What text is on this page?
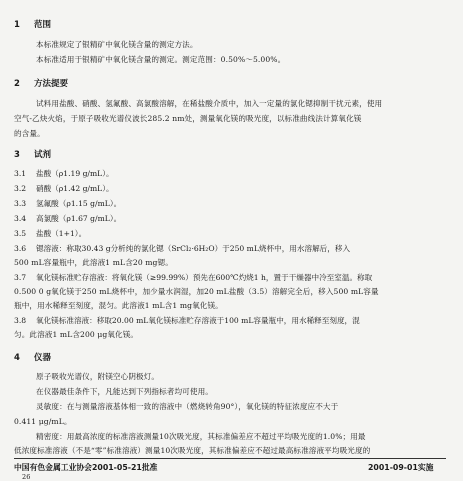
1 范围
本标准规定了银精矿中氧化镁含量的测定方法。
本标准适用于银精矿中氧化镁含量的测定。测定范围：0.50%～5.00%。
2 方法提要
试料用盐酸、硝酸、氢氟酸、高氯酸溶解，在稀盐酸介质中，加入一定量的氯化锶抑制干扰元素，使用
空气-乙炔火焰，于原子吸收光谱仪波长285.2 nm处，测量氧化镁的吸光度，以标准曲线法计算氧化镁
的含量。
3 试剂
3.1 盐酸（ρ1.19 g/mL）。
3.2 硝酸（ρ1.42 g/mL）。
3.3 氢氟酸（ρ1.15 g/mL）。
3.4 高氯酸（ρ1.67 g/mL）。
3.5 盐酸（1+1）。
3.6 锶溶液：称取30.43 g分析纯的氯化锶（SrCl₂·6H₂O）于250 mL烧杯中，用水溶解后，移入
500 mL容量瓶中，此溶液1 mL含20 mg锶。
3.7 氧化镁标准贮存溶液：将氧化镁（≥99.99%）预先在600℃灼烧1 h，置于干燥器中冷至室温。称取
0.500 0 g氧化镁于250 mL烧杯中，加少量水润湿，加20 mL盐酸（3.5）溶解完全后，移入500 mL容量
瓶中，用水稀释至刻度，混匀。此溶液1 mL含1 mg氧化镁。
3.8 氧化镁标准溶液：移取20.00 mL氧化镁标准贮存溶液于100 mL容量瓶中，用水稀释至刻度，混
匀。此溶液1 mL含200 μg氧化镁。
4 仪器
原子吸收光谱仪，附镁空心阴极灯。
在仪器最佳条件下，凡能达到下列指标者均可使用。
灵敏度：在与测量溶液基体相一致的溶液中（燃烧转角90°），氧化镁的特征浓度应不大于
0.411 μg/mL。
精密度：用最高浓度的标准溶液测量10次吸光度，其标准偏差应不超过平均吸光度的1.0%；用最
低浓度标准溶液（不是“零”标准溶液）测量10次吸光度，其标准偏差应不超过最高标准溶液平均吸光度的
中国有色金属工业协会2001-05-21批准	2001-09-01实施
26
